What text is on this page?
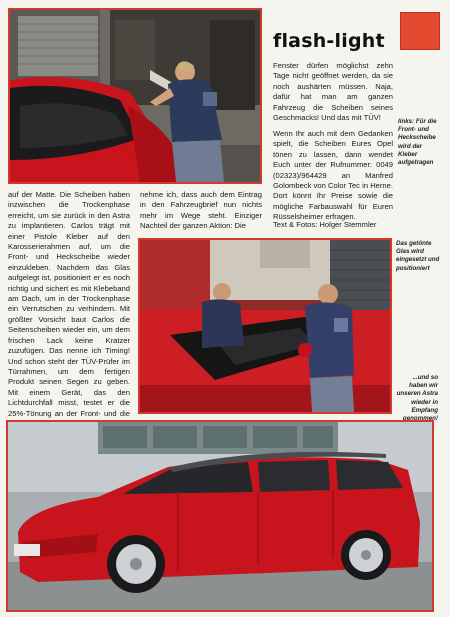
flash-light

Fenster dürfen möglichst zehn Tage nicht geöffnet werden, da sie noch aushärten müssen. Naja, dafür hat man am ganzen Fahrzeug die Scheiben seines Geschmacks! Und das mit TÜV!

Wenn Ihr auch mit dem Gedanken spielt, die Scheiben Eures Opel tönen zu lassen, dann wendet Euch unter der Rufnummer: 0049 (02323)/964429 an Manfred Golombeck von Color Tec in Herne. Dort könnt Ihr Preise sowie die mögliche Farbauswahl für Euren Rüsselsheimer erfragen.

Text & Fotos: Holger Stemmler

links: Für die Front- und Heckscheibe wird der Kleber aufgetragen

auf der Matte. Die Scheiben haben inzwischen die Trockenphase erreicht, um sie zurück in den Astra zu implantieren. Carlos trägt mit einer Pistole Kleber auf den Karosserierahmen auf, um die Front- und Heckscheibe wieder einzukleben. Nachdem das Glas aufgelegt ist, positioniert er es noch richtig und sichert es mit Klebeband am Dach, um in der Trockenphase ein Verrutschen zu verhindern. Mit größter Vorsicht baut Carlos die Seitenscheiben wieder ein, um dem frischen Lack keine Kratzer zuzufügen. Das nenne ich Timing! Und schon steht der TÜV-Prüfer im Türrahmen, um dem fertigen Produkt seinen Segen zu geben. Mit einem Gerät, das den Lichtdurchfall misst, testet er die 25%-Tönung an der Front- und die

nehme ich, dass auch dem Eintrag in den Fahrzeugbrief nun nichts mehr im Wege steht. Einziger Nachteil der ganzen Aktion: Die

Das getönte Glas wird eingesetzt und positioniert
...und so haben wir unseren Astra wieder in Empfang genommen!
